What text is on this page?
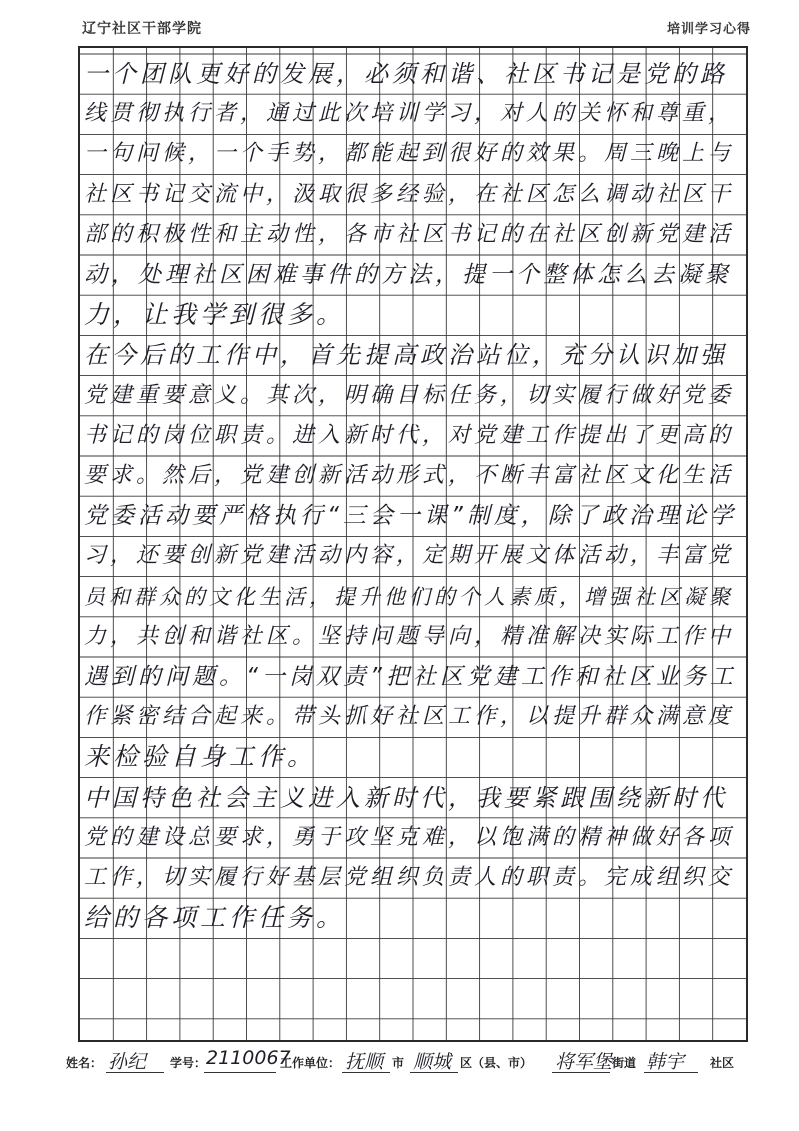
辽宁社区干部学院	培训学习心得
一个团队更好的发展，必须和谐、社区书记是党的路
线贯彻执行者，通过此次培训学习，对人的关怀和尊重，
一句问候，一个手势，都能起到很好的效果。周三晚上与
社区书记交流中，汲取很多经验，在社区怎么调动社区干
部的积极性和主动性，各市社区书记的在社区创新党建活
动，处理社区困难事件的方法，提一个整体怎么去凝聚
力，让我学到很多。
在今后的工作中，首先提高政治站位，充分认识加强
党建重要意义。其次，明确目标任务，切实履行做好党委
书记的岗位职责。进入新时代，对党建工作提出了更高的
要求。然后，党建创新活动形式，不断丰富社区文化生活
党委活动要严格执行“三会一课”制度，除了政治理论学
习，还要创新党建活动内容，定期开展文体活动，丰富党
员和群众的文化生活，提升他们的个人素质，增强社区凝聚
力，共创和谐社区。坚持问题导向，精准解决实际工作中
遇到的问题。“一岗双责”把社区党建工作和社区业务工
作紧密结合起来。带头抓好社区工作，以提升群众满意度
来检验自身工作。
中国特色社会主义进入新时代，我要紧跟围绕新时代
党的建设总要求，勇于攻坚克难，以饱满的精神做好各项
工作，切实履行好基层党组织负责人的职责。完成组织交
给的各项工作任务。
姓名： 孙纪 学号： 2110067
工作单位： 抚顺 市 顺城 区（县、市） 将军堡 街道 韩宇 社区
